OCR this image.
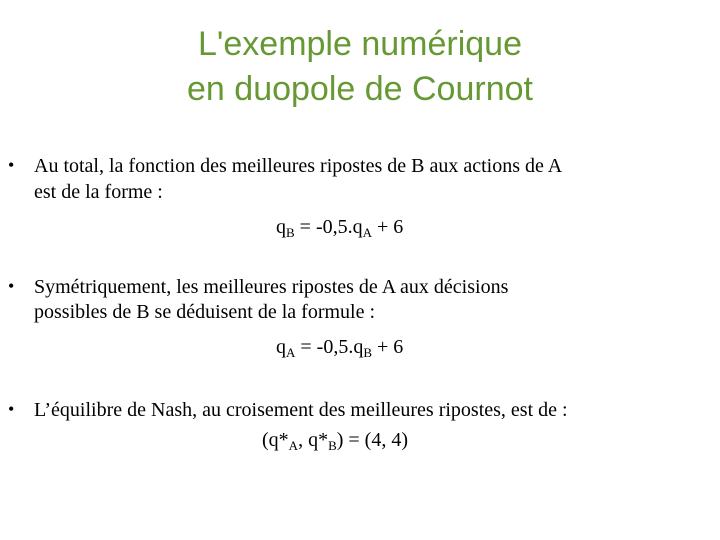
L'exemple numérique
en duopole de Cournot
• Au total, la fonction des meilleures ripostes de B aux actions de A
est de la forme :
$q_B = -0,5.q_A + 6$
• Symétriquement, les meilleures ripostes de A aux décisions
possibles de B se déduisent de la formule :
$q_A = -0,5.q_B + 6$
• L’équilibre de Nash, au croisement des meilleures ripostes, est de :
($q*_A$, $q*_B) = (4$, 4)
